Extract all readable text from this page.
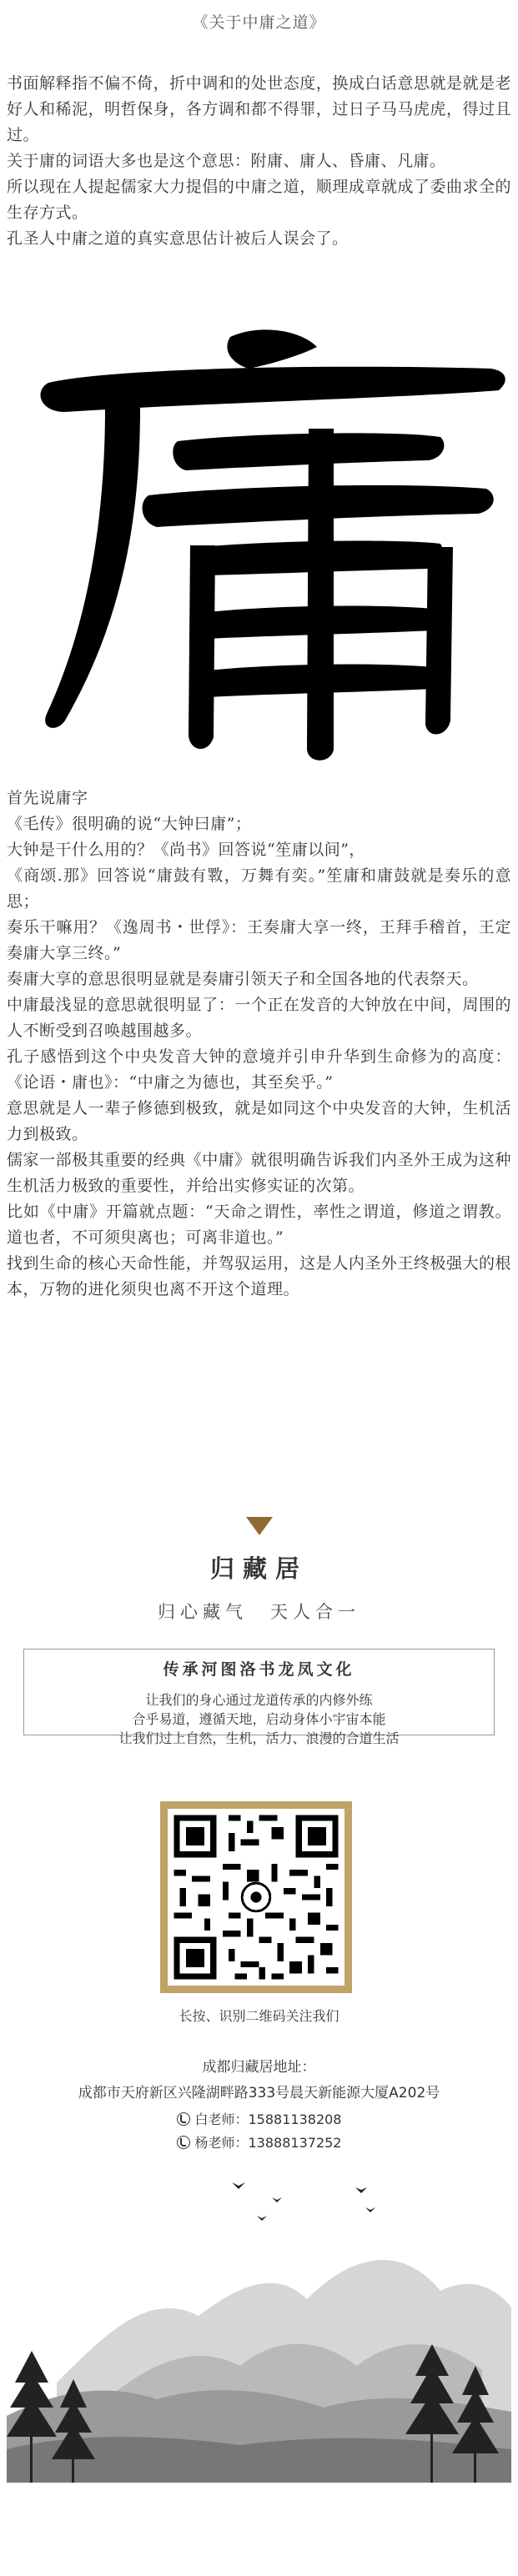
《关于中庸之道》

书面解释指不偏不倚，折中调和的处世态度，换成白话意思就是就是老好人和稀泥，明哲保身，各方调和都不得罪，过日子马马虎虎，得过且过。

关于庸的词语大多也是这个意思：附庸、庸人、昏庸、凡庸。

所以现在人提起儒家大力提倡的中庸之道，顺理成章就成了委曲求全的生存方式。

孔圣人中庸之道的真实意思估计被后人误会了。

首先说庸字

《毛传》很明确的说“大钟曰庸”；

大钟是干什么用的？《尚书》回答说“笙庸以间”，

《商颂.那》回答说“庸鼓有斁，万舞有奕。”笙庸和庸鼓就是奏乐的意思；

奏乐干嘛用？《逸周书・世俘》：王奏庸大享一终，王拜手稽首，王定奏庸大享三终。”

奏庸大享的意思很明显就是奏庸引领天子和全国各地的代表祭天。

中庸最浅显的意思就很明显了：一个正在发音的大钟放在中间，周围的人不断受到召唤越围越多。

孔子感悟到这个中央发音大钟的意境并引申升华到生命修为的高度：《论语・庸也》：“中庸之为德也，其至矣乎。”

意思就是人一辈子修德到极致，就是如同这个中央发音的大钟，生机活力到极致。

儒家一部极其重要的经典《中庸》就很明确告诉我们内圣外王成为这种生机活力极致的重要性，并给出实修实证的次第。

比如《中庸》开篇就点题：“天命之谓性，率性之谓道，修道之谓教。道也者，不可须臾离也；可离非道也。”

找到生命的核心天命性能，并驾驭运用，这是人内圣外王终极强大的根本，万物的进化须臾也离不开这个道理。

归藏居
归心藏气　天人合一
传承河图洛书龙凤文化
让我们的身心通过龙道传承的内修外练
合乎易道，遵循天地，启动身体小宇宙本能
让我们过上自然，生机，活力、浪漫的合道生活
长按、识别二维码关注我们
成都归藏居地址：
成都市天府新区兴隆湖畔路333号晨天新能源大厦A202号
白老师：15881138208
杨老师：13888137252
